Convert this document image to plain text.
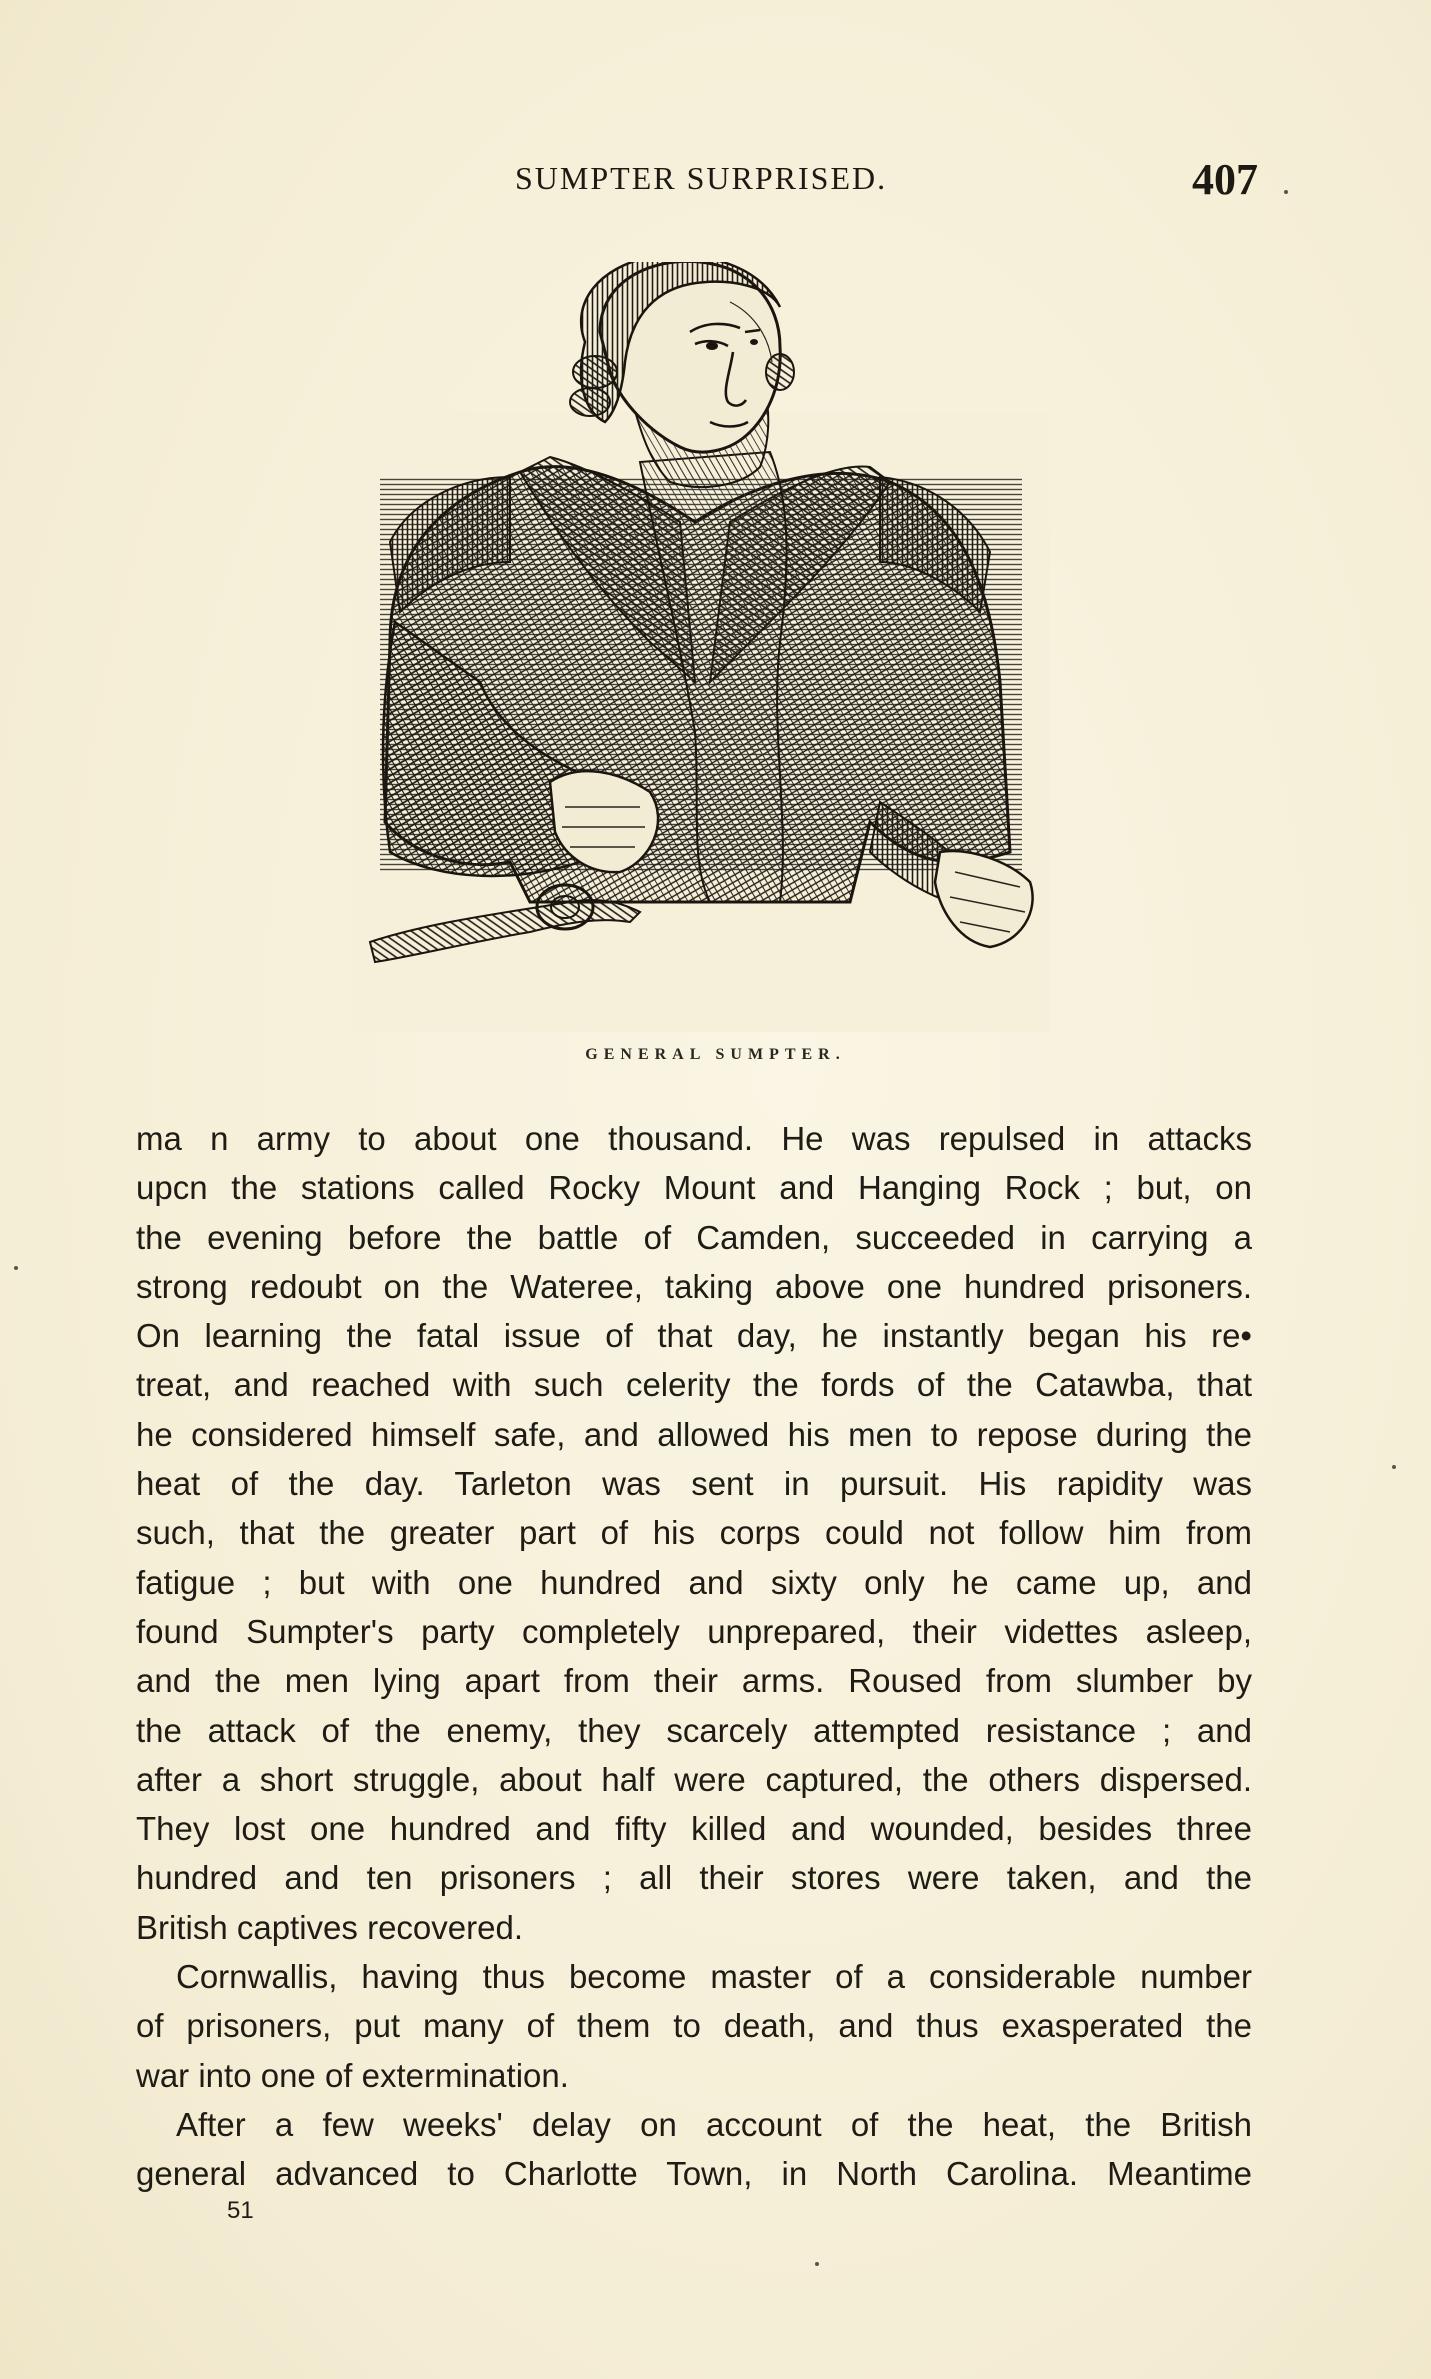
SUMPTER SURPRISED.	407
GENERAL SUMPTER.
ma n army to about one thousand. He was repulsed in attacks
upcn the stations called Rocky Mount and Hanging Rock ; but, on
the evening before the battle of Camden, succeeded in carrying a
strong redoubt on the Wateree, taking above one hundred prisoners.
On learning the fatal issue of that day, he instantly began his re•
treat, and reached with such celerity the fords of the Catawba, that
he considered himself safe, and allowed his men to repose during the
heat of the day. Tarleton was sent in pursuit. His rapidity was
such, that the greater part of his corps could not follow him from
fatigue ; but with one hundred and sixty only he came up, and
found Sumpter's party completely unprepared, their videttes asleep,
and the men lying apart from their arms. Roused from slumber by
the attack of the enemy, they scarcely attempted resistance ; and
after a short struggle, about half were captured, the others dispersed.
They lost one hundred and fifty killed and wounded, besides three
hundred and ten prisoners ; all their stores were taken, and the
British captives recovered.
Cornwallis, having thus become master of a considerable number
of prisoners, put many of them to death, and thus exasperated the
war into one of extermination.
After a few weeks' delay on account of the heat, the British
general advanced to Charlotte Town, in North Carolina. Meantime
51
